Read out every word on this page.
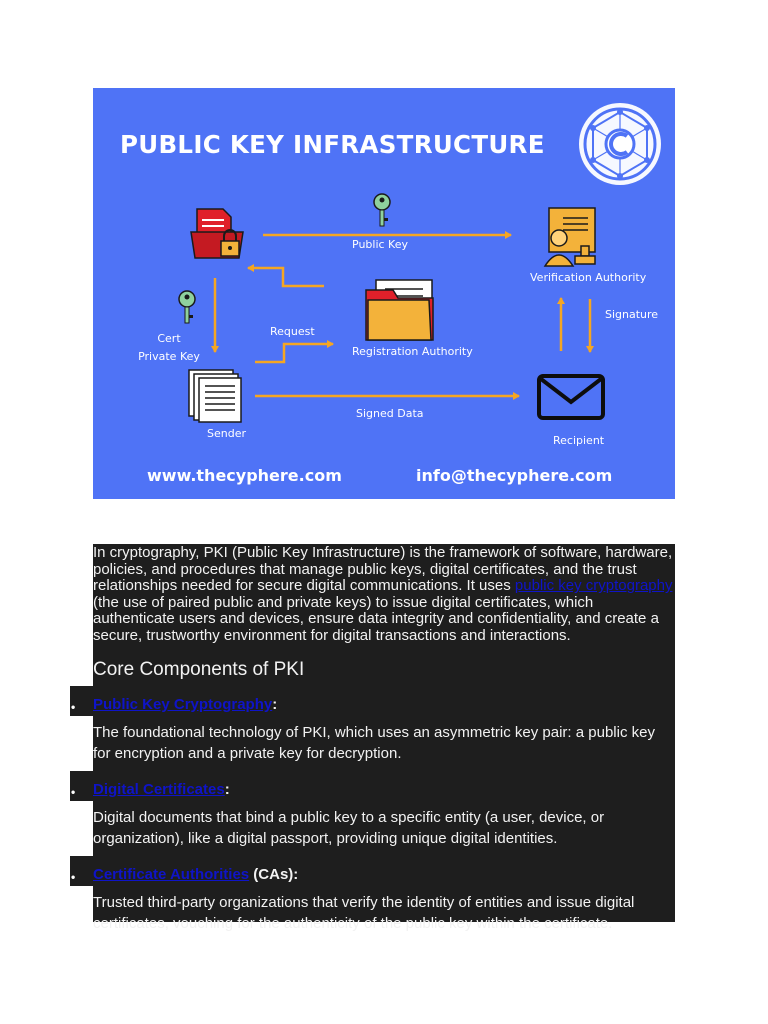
PUBLIC KEY INFRASTRUCTURE
Public Key
Verification Authority
Cert
Private Key
Request
Registration Authority
Signature
Signed Data
Sender
Recipient
www.thecyphere.com	info@thecyphere.com

In cryptography, PKI (Public Key Infrastructure) is the framework of software, hardware, policies, and procedures that manage public keys, digital certificates, and the trust relationships needed for secure digital communications. It uses public key cryptography (the use of paired public and private keys) to issue digital certificates, which authenticate users and devices, ensure data integrity and confidentiality, and create a secure, trustworthy environment for digital transactions and interactions.

Core Components of PKI

• Public Key Cryptography:

The foundational technology of PKI, which uses an asymmetric key pair: a public key for encryption and a private key for decryption.

• Digital Certificates:

Digital documents that bind a public key to a specific entity (a user, device, or organization), like a digital passport, providing unique digital identities.

• Certificate Authorities (CAs):

Trusted third-party organizations that verify the identity of entities and issue digital certificates, vouching for the authenticity of the public key within the certificate.
